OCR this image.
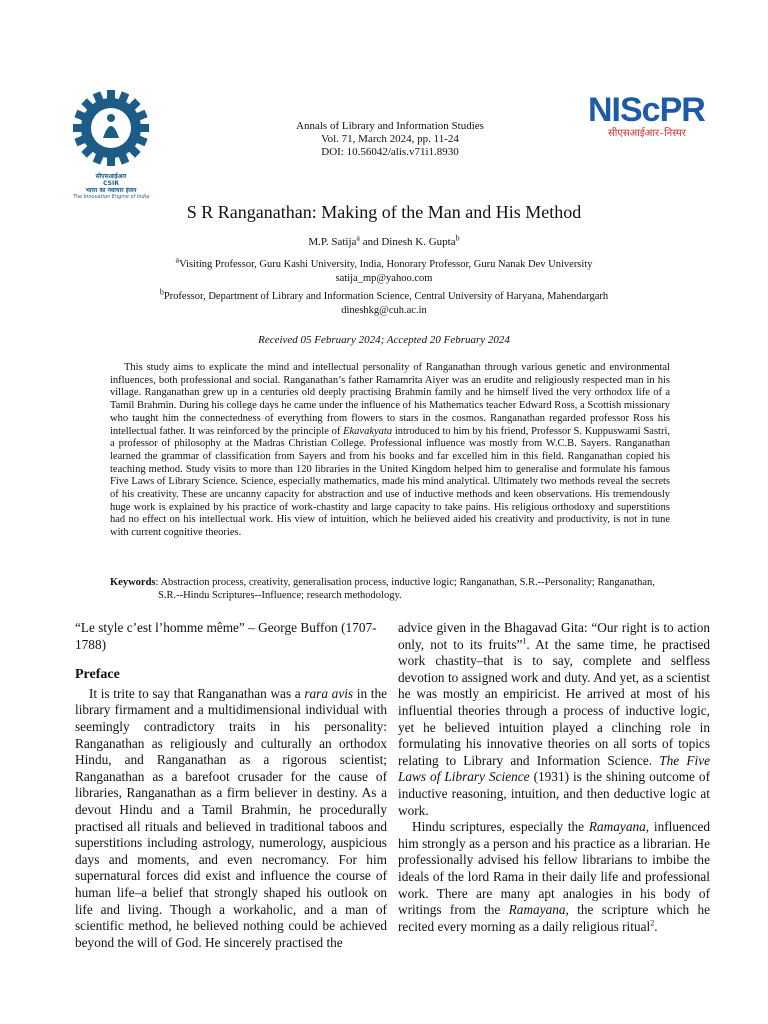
सीएसआईआर
CSIR
भारत का नवाचार इंजन
The Innovation Engine of India
NIScPR
सीएसआईआर–निस्पर
Annals of Library and Information Studies
Vol. 71, March 2024, pp. 11-24
DOI: 10.56042/alis.v71i1.8930
S R Ranganathan: Making of the Man and His Method
M.P. Satija$^a$ and Dinesh K. Gupta$^b$
$^a$Visiting Professor, Guru Kashi University, India, Honorary Professor, Guru Nanak Dev University
satija_mp@yahoo.com
$^b$Professor, Department of Library and Information Science, Central University of Haryana, Mahendargarh
dineshkg@cuh.ac.in
Received 05 February 2024; Accepted 20 February 2024
This study aims to explicate the mind and intellectual personality of Ranganathan through various genetic and environmental influences, both professional and social. Ranganathan’s father Ramamrita Aiyer was an erudite and religiously respected man in his village. Ranganathan grew up in a centuries old deeply practising Brahmin family and he himself lived the very orthodox life of a Tamil Brahmin. During his college days he came under the influence of his Mathematics teacher Edward Ross, a Scottish missionary who taught him the connectedness of everything from flowers to stars in the cosmos. Ranganathan regarded professor Ross his intellectual father. It was reinforced by the principle of Ekavakyata introduced to him by his friend, Professor S. Kuppuswami Sastri, a professor of philosophy at the Madras Christian College. Professional influence was mostly from W.C.B. Sayers. Ranganathan learned the grammar of classification from Sayers and from his books and far excelled him in this field. Ranganathan copied his teaching method. Study visits to more than 120 libraries in the United Kingdom helped him to generalise and formulate his famous Five Laws of Library Science. Science, especially mathematics, made his mind analytical. Ultimately two methods reveal the secrets of his creativity. These are uncanny capacity for abstraction and use of inductive methods and keen observations. His tremendously huge work is explained by his practice of work-chastity and large capacity to take pains. His religious orthodoxy and superstitions had no effect on his intellectual work. His view of intuition, which he believed aided his creativity and productivity, is not in tune with current cognitive theories.
Keywords: Abstraction process, creativity, generalisation process, inductive logic; Ranganathan, S.R.--Personality; Ranganathan,
S.R.--Hindu Scriptures--Influence; research methodology.

“Le style c’est l’homme même” – George Buffon (1707-1788)

Preface

It is trite to say that Ranganathan was a rara avis in the library firmament and a multidimensional individual with seemingly contradictory traits in his personality: Ranganathan as religiously and culturally an orthodox Hindu, and Ranganathan as a rigorous scientist; Ranganathan as a barefoot crusader for the cause of libraries, Ranganathan as a firm believer in destiny. As a devout Hindu and a Tamil Brahmin, he procedurally practised all rituals and believed in traditional taboos and superstitions including astrology, numerology, auspicious days and moments, and even necromancy. For him supernatural forces did exist and influence the course of human life–a belief that strongly shaped his outlook on life and living. Though a workaholic, and a man of scientific method, he believed nothing could be achieved beyond the will of God. He sincerely practised the

advice given in the Bhagavad Gita: “Our right is to action only, not to its fruits”$^1$. At the same time, he practised work chastity–that is to say, complete and selfless devotion to assigned work and duty. And yet, as a scientist he was mostly an empiricist. He arrived at most of his influential theories through a process of inductive logic, yet he believed intuition played a clinching role in formulating his innovative theories on all sorts of topics relating to Library and Information Science. The Five Laws of Library Science (1931) is the shining outcome of inductive reasoning, intuition, and then deductive logic at work.

Hindu scriptures, especially the Ramayana, influenced him strongly as a person and his practice as a librarian. He professionally advised his fellow librarians to imbibe the ideals of the lord Rama in their daily life and professional work. There are many apt analogies in his body of writings from the Ramayana, the scripture which he recited every morning as a daily religious ritual$^2$.
